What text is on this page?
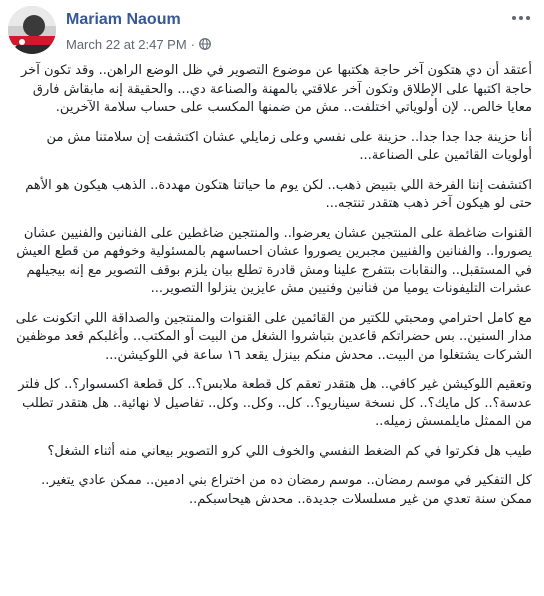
Mariam Naoum
March 22 at 2:47 PM ·

أعتقد أن دي هتكون آخر حاجة هكتبها عن موضوع التصوير في ظل الوضع الراهن.. وقد تكون آخر حاجة اكتبها على الإطلاق وتكون آخر علاقتي بالمهنة والصناعة دي... والحقيقة إنه مابقاش فارق معايا خالص.. لإن أولوياتي اختلفت.. مش من ضمنها المكسب على حساب سلامة الآخرين.

أنا حزينة جدا جدا جدا.. حزينة على نفسي وعلى زمايلي عشان اكتشفت إن سلامتنا مش من أولويات القائمين على الصناعة...

اكتشفت إننا الفرخة اللي بتبيض ذهب.. لكن يوم ما حياتنا هتكون مهددة.. الذهب هيكون هو الأهم حتى لو هيكون آخر ذهب هتقدر تنتجه...

القنوات ضاغطة على المنتجين عشان يعرضوا.. والمنتجين ضاغطين على الفنانين والفنيين عشان يصوروا.. والفنانين والفنيين مجبرين يصوروا عشان احساسهم بالمسئولية وخوفهم من قطع العيش في المستقبل.. والنقابات بتتفرج علينا ومش قادرة تطلع بيان يلزم بوقف التصوير مع إنه بيجيلهم عشرات التليفونات يوميا من فنانين وفنيين مش عايزين ينزلوا التصوير...

مع كامل احترامي ومحبتي للكتير من القائمين على القنوات والمنتجين والصداقة اللي اتكونت على مدار السنين.. بس حضراتكم قاعدين بتباشروا الشغل من البيت أو المكتب.. وأغلبكم قعد موظفين الشركات يشتغلوا من البيت.. محدش منكم بينزل يقعد ١٦ ساعة في اللوكيشن...

وتعقيم اللوكيشن غير كافي.. هل هتقدر تعقم كل قطعة ملابس؟.. كل قطعة اكسسوار؟.. كل فلتر عدسة؟.. كل مايك؟.. كل نسخة سيناريو؟.. كل.. وكل.. وكل.. تفاصيل لا نهائية.. هل هتقدر تطلب من الممثل مايلمسش زميله..

طيب هل فكرتوا في كم الضغط النفسي والخوف اللي كرو التصوير بيعاني منه أثناء الشغل؟

كل التفكير في موسم رمضان.. موسم رمضان ده من اختراع بني ادمين.. ممكن عادي يتغير.. ممكن سنة تعدي من غير مسلسلات جديدة.. محدش هيحاسبكم..
